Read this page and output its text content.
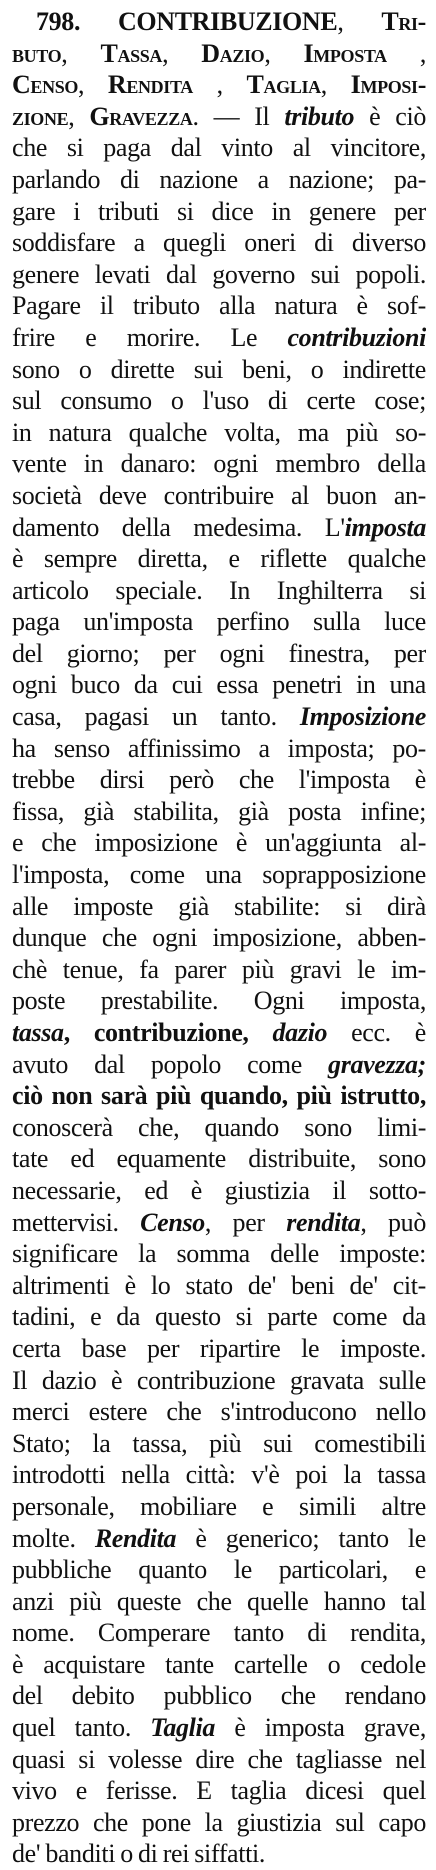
798. CONTRIBUZIONE, Tri-
buto, Tassa, Dazio, Imposta ,
Censo, Rendita , Taglia, Imposi-
zione, Gravezza. — Il tributo è ciò
che si paga dal vinto al vincitore,
parlando di nazione a nazione; pa-
gare i tributi si dice in genere per
soddisfare a quegli oneri di diverso
genere levati dal governo sui popoli.
Pagare il tributo alla natura è sof-
frire e morire. Le contribuzioni
sono o dirette sui beni, o indirette
sul consumo o l'uso di certe cose;
in natura qualche volta, ma più so-
vente in danaro: ogni membro della
società deve contribuire al buon an-
damento della medesima. L'imposta
è sempre diretta, e riflette qualche
articolo speciale. In Inghilterra si
paga un'imposta perfino sulla luce
del giorno; per ogni finestra, per
ogni buco da cui essa penetri in una
casa, pagasi un tanto. Imposizione
ha senso affinissimo a imposta; po-
trebbe dirsi però che l'imposta è
fissa, già stabilita, già posta infine;
e che imposizione è un'aggiunta al-
l'imposta, come una soprapposizione
alle imposte già stabilite: si dirà
dunque che ogni imposizione, abben-
chè tenue, fa parer più gravi le im-
poste prestabilite. Ogni imposta,
tassa, contribuzione, dazio ecc. è
avuto dal popolo come gravezza;
ciò non sarà più quando, più istrutto,
conoscerà che, quando sono limi-
tate ed equamente distribuite, sono
necessarie, ed è giustizia il sotto-
mettervisi. Censo, per rendita, può
significare la somma delle imposte:
altrimenti è lo stato de' beni de' cit-
tadini, e da questo si parte come da
certa base per ripartire le imposte.
Il dazio è contribuzione gravata sulle
merci estere che s'introducono nello
Stato; la tassa, più sui comestibili
introdotti nella città: v'è poi la tassa
personale, mobiliare e simili altre
molte. Rendita è generico; tanto le
pubbliche quanto le particolari, e
anzi più queste che quelle hanno tal
nome. Comperare tanto di rendita,
è acquistare tante cartelle o cedole
del debito pubblico che rendano
quel tanto. Taglia è imposta grave,
quasi si volesse dire che tagliasse nel
vivo e ferisse. E taglia dicesi quel
prezzo che pone la giustizia sul capo
de' banditi o di rei siffatti.
